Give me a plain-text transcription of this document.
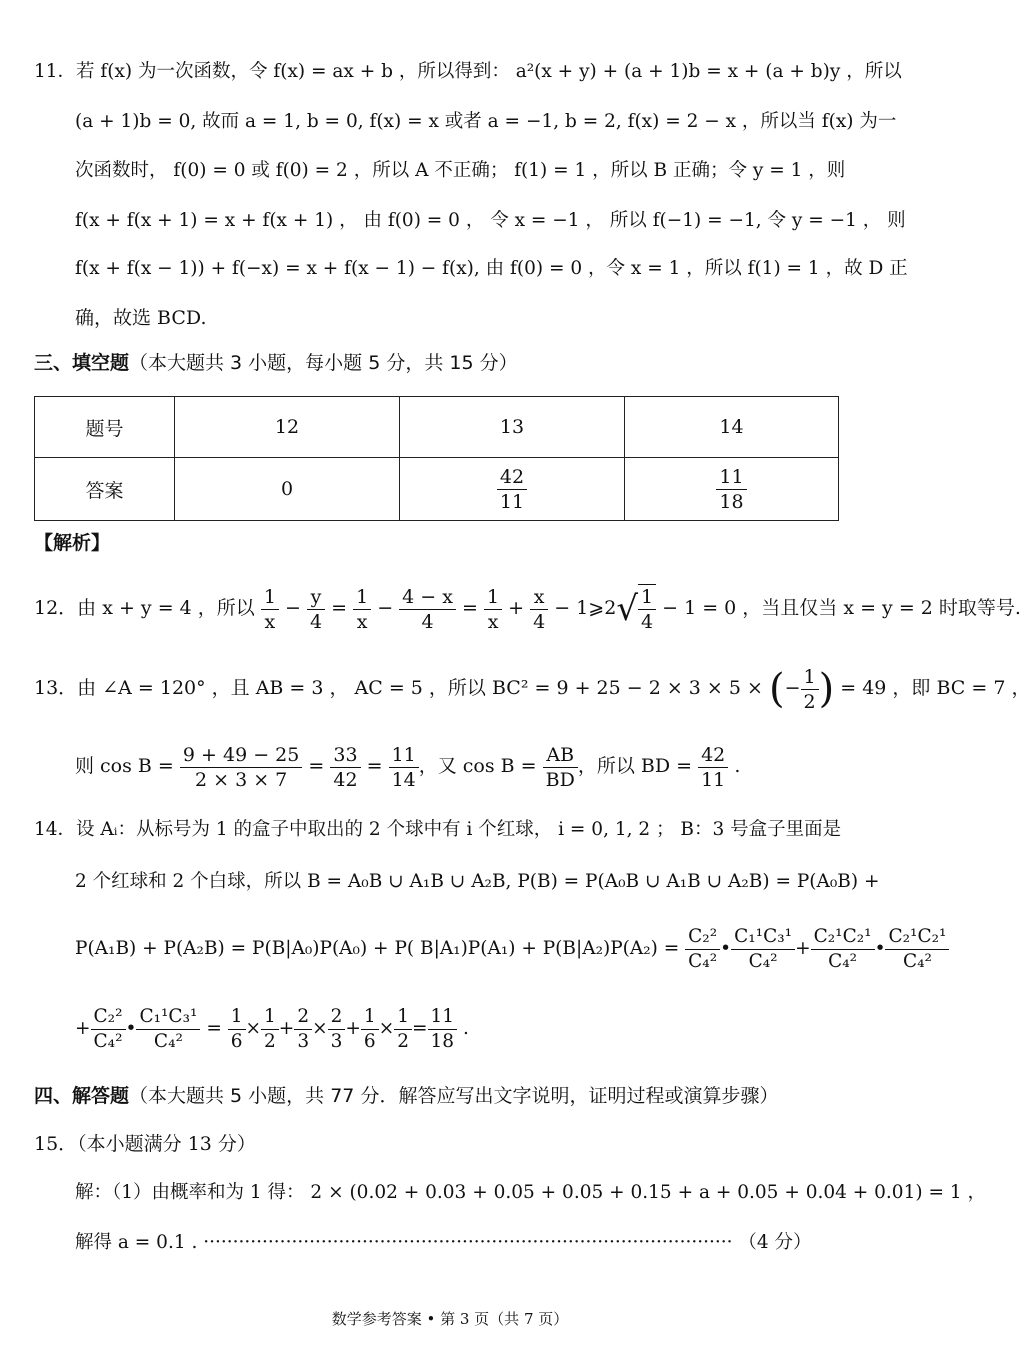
11．若 f(x) 为一次函数，令 f(x) = ax + b ，所以得到： a²(x + y) + (a + 1)b = x + (a + b)y ，所以
(a + 1)b = 0, 故而 a = 1, b = 0, f(x) = x 或者 a = −1, b = 2, f(x) = 2 − x ，所以当 f(x) 为一
次函数时， f(0) = 0 或 f(0) = 2 ，所以 A 不正确； f(1) = 1 ，所以 B 正确；令 y = 1 ，则
f(x + f(x + 1) = x + f(x + 1) ， 由 f(0) = 0 ， 令 x = −1 ， 所以 f(−1) = −1, 令 y = −1 ， 则
f(x + f(x − 1)) + f(−x) = x + f(x − 1) − f(x), 由 f(0) = 0 ，令 x = 1 ，所以 f(1) = 1 ，故 D 正
确，故选 BCD.
三、填空题（本大题共 3 小题，每小题 5 分，共 15 分）
题号	12	13	14
答案	0	$\frac{42}{11}$	$\frac{11}{18}$
【解析】
12．由 x + y = 4 ，所以 $\frac{1}{x} - \frac{y}{4} = \frac{1}{x} - \frac{4 - x}{4} = \frac{1}{x} + \frac{x}{4}$ − 1⩾2√ $\frac{1}{4} - 1 = 0$ ，当且仅当 x = y = 2 时取等号.
13．由 ∠A = 120° ，且 AB = 3 ， AC = 5 ，所以 BC² = 9 + 25 − 2 × 3 × 5 × (− $\frac{1}{2}$ ) = 49 ，即 BC = 7 ，
则 $\cos B = \frac{9 + 49 - 25}{2 \times 3 \times 7} = \frac{33}{42} = \frac{11}{14}$ ，又 $\cos B = \frac{AB}{BD}$ ，所以 BD = $\frac{42}{11}$ .
14．设 Aᵢ：从标号为 1 的盒子中取出的 2 个球中有 i 个红球， i = 0, 1, 2 ； B：3 号盒子里面是
2 个红球和 2 个白球，所以 B = A₀B ∪ A₁B ∪ A₂B, P(B) = P(A₀B ∪ A₁B ∪ A₂B) = P(A₀B) +
P(A₁B) + P(A₂B) = P(B|A₀)P(A₀) + P( $B|A_1)P(A_1) + P(B|A_2)P(A_2) = \frac{\text{C₂²}}{\text{C₄²}}$ • $\frac{\text{C₁¹C₃¹}}{\text{C₄²}} + \frac{\text{C₂¹C₂¹}}{\text{C₄²}}$ • $\frac{\text{C₂¹C₂¹}}{\text{C₄²}}$
+ $\frac{\text{C₂²}}{\text{C₄²}}$ • $\frac{\text{C₁¹C₃¹}}{\text{C₄²}} = \frac{1}{6} \times \frac{1}{2} + \frac{2}{3} \times \frac{2}{3} + \frac{1}{6} \times \frac{1}{2} = \frac{11}{18}$ .
四、解答题（本大题共 5 小题，共 77 分．解答应写出文字说明，证明过程或演算步骤）
15．（本小题满分 13 分）
解：（1）由概率和为 1 得： 2 × (0.02 + 0.03 + 0.05 + 0.05 + 0.15 + a + 0.05 + 0.04 + 0.01) = 1 ，
解得 a = 0.1 . ·························································································· （4 分）
数学参考答案 • 第 3 页（共 7 页）
